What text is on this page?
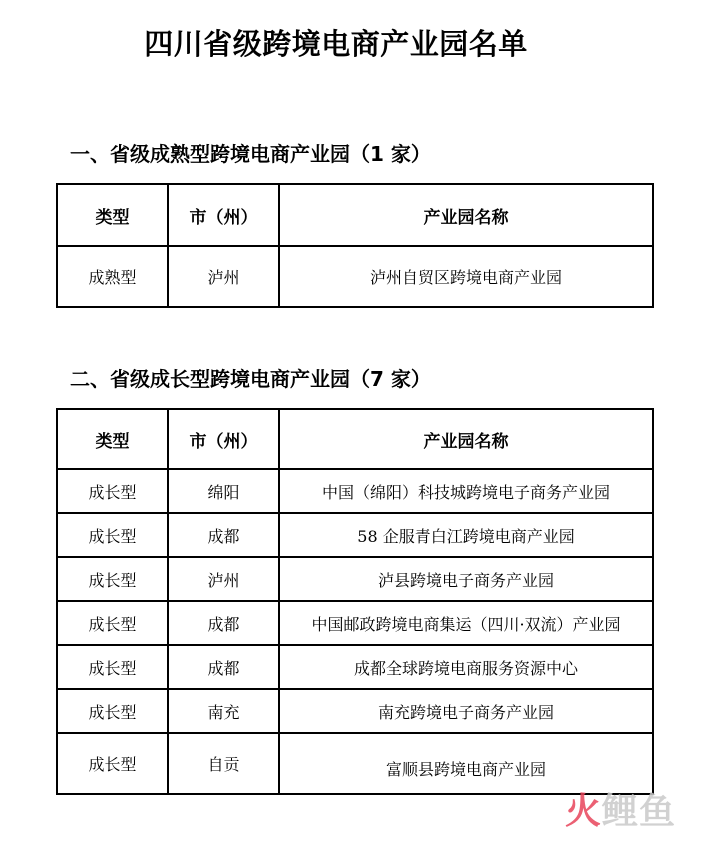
四川省级跨境电商产业园名单
一、省级成熟型跨境电商产业园（1 家）
类型	市（州）	产业园名称
成熟型	泸州	泸州自贸区跨境电商产业园
二、省级成长型跨境电商产业园（7 家）
类型	市（州）	产业园名称
成长型	绵阳	中国（绵阳）科技城跨境电子商务产业园
成长型	成都	58 企服青白江跨境电商产业园
成长型	泸州	泸县跨境电子商务产业园
成长型	成都	中国邮政跨境电商集运（四川·双流）产业园
成长型	成都	成都全球跨境电商服务资源中心
成长型	南充	南充跨境电子商务产业园
成长型	自贡	富顺县跨境电商产业园
火鲤鱼
